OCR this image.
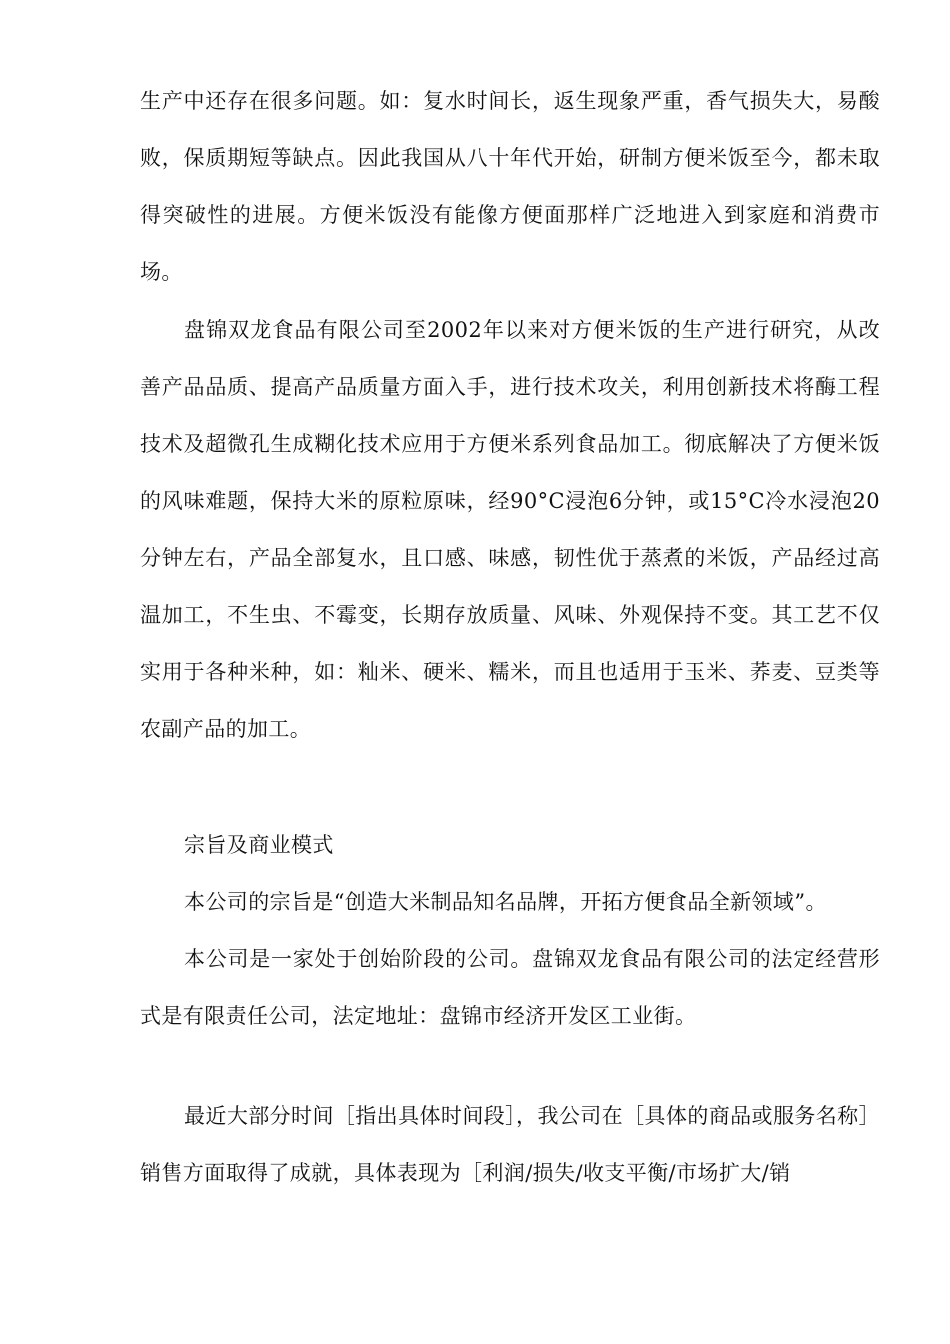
生产中还存在很多问题。如：复水时间长，返生现象严重，香气损失大，易酸败，保质期短等缺点。因此我国从八十年代开始，研制方便米饭至今，都未取得突破性的进展。方便米饭没有能像方便面那样广泛地进入到家庭和消费市场。

盘锦双龙食品有限公司至2002年以来对方便米饭的生产进行研究，从改善产品品质、提高产品质量方面入手，进行技术攻关，利用创新技术将酶工程技术及超微孔生成糊化技术应用于方便米系列食品加工。彻底解决了方便米饭的风味难题，保持大米的原粒原味，经90°C浸泡6分钟，或15°C冷水浸泡20分钟左右，产品全部复水，且口感、味感，韧性优于蒸煮的米饭，产品经过高温加工，不生虫、不霉变，长期存放质量、风味、外观保持不变。其工艺不仅实用于各种米种，如：籼米、硬米、糯米，而且也适用于玉米、荞麦、豆类等农副产品的加工。

宗旨及商业模式

本公司的宗旨是“创造大米制品知名品牌，开拓方便食品全新领域”。

本公司是一家处于创始阶段的公司。盘锦双龙食品有限公司的法定经营形式是有限责任公司，法定地址：盘锦市经济开发区工业街。

最近大部分时间［指出具体时间段］，我公司在［具体的商品或服务名称］销售方面取得了成就，具体表现为［利润/损失/收支平衡/市场扩大/销
